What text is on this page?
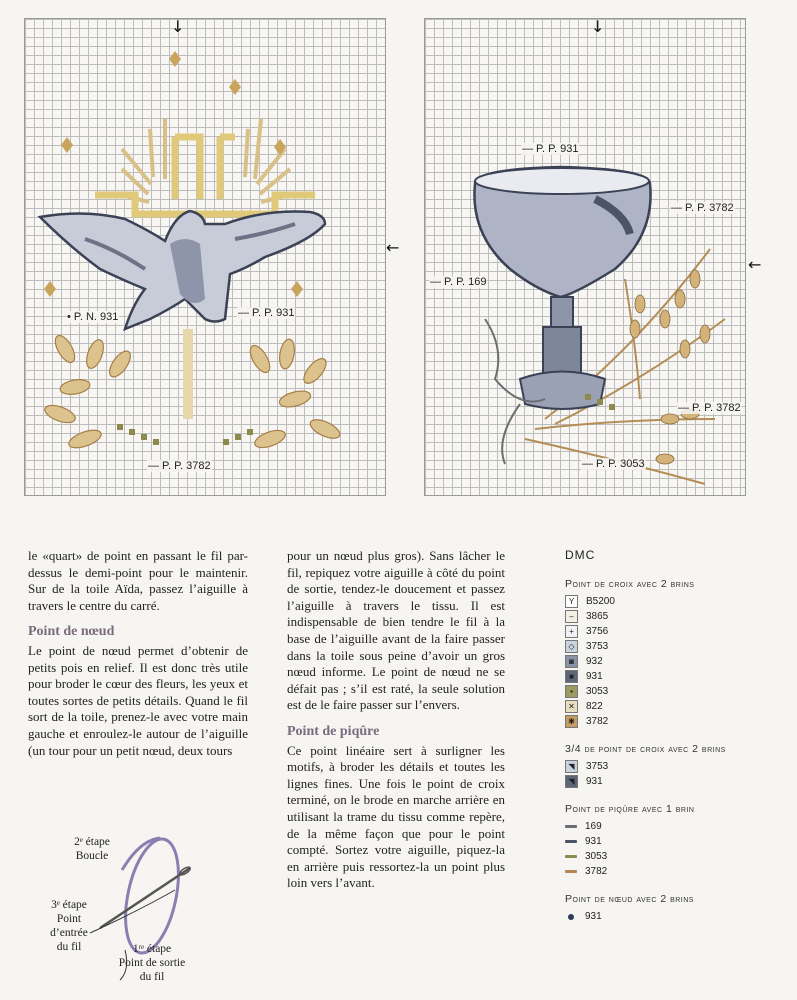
↓
• P. N. 931	— P. P. 931
— P. P. 3782
←
↓
— P. P. 931
— P. P. 3782
— P. P. 169
— P. P. 3782
— P. P. 3053
←

le «quart» de point en passant le fil par-dessus le demi-point pour le maintenir. Sur de la toile Aïda, passez l’aiguille à travers le centre du carré.

Point de nœud

Le point de nœud permet d’obtenir de petits pois en relief. Il est donc très utile pour broder le cœur des fleurs, les yeux et toutes sortes de petits détails. Quand le fil sort de la toile, prenez-le avec votre main gauche et enroulez-le autour de l’aiguille (un tour pour un petit nœud, deux tours

2ᵉ étape
Boucle
3ᵉ étape
Point
d’entrée
du fil	1ʳᵉ étape
Point de sortie
du fil

pour un nœud plus gros). Sans lâcher le fil, repiquez votre aiguille à côté du point de sortie, tendez-le doucement et passez l’aiguille à travers le tissu. Il est indispensable de bien tendre le fil à la base de l’aiguille avant de la faire passer dans la toile sous peine d’avoir un gros nœud informe. Le point de nœud ne se défait pas ; s’il est raté, la seule solution est de le faire passer sur l’envers.

Point de piqûre

Ce point linéaire sert à surligner les motifs, à broder les détails et toutes les lignes fines. Une fois le point de croix terminé, on le brode en marche arrière en utilisant la trame du tissu comme repère, de la même façon que pour le point compté. Sortez votre aiguille, piquez-la en arrière puis ressortez-la un point plus loin vers l’avant.

DMC
Point de croix avec 2 brins
Y	B5200
–	3865
+	3756
◇	3753
◙	932
■	931
▪	3053
✕	822
✱	3782
3/4 de point de croix avec 2 brins
◥	3753
◥	931
Point de piqûre avec 1 brin
169
931
3053
3782
Point de nœud avec 2 brins
931
